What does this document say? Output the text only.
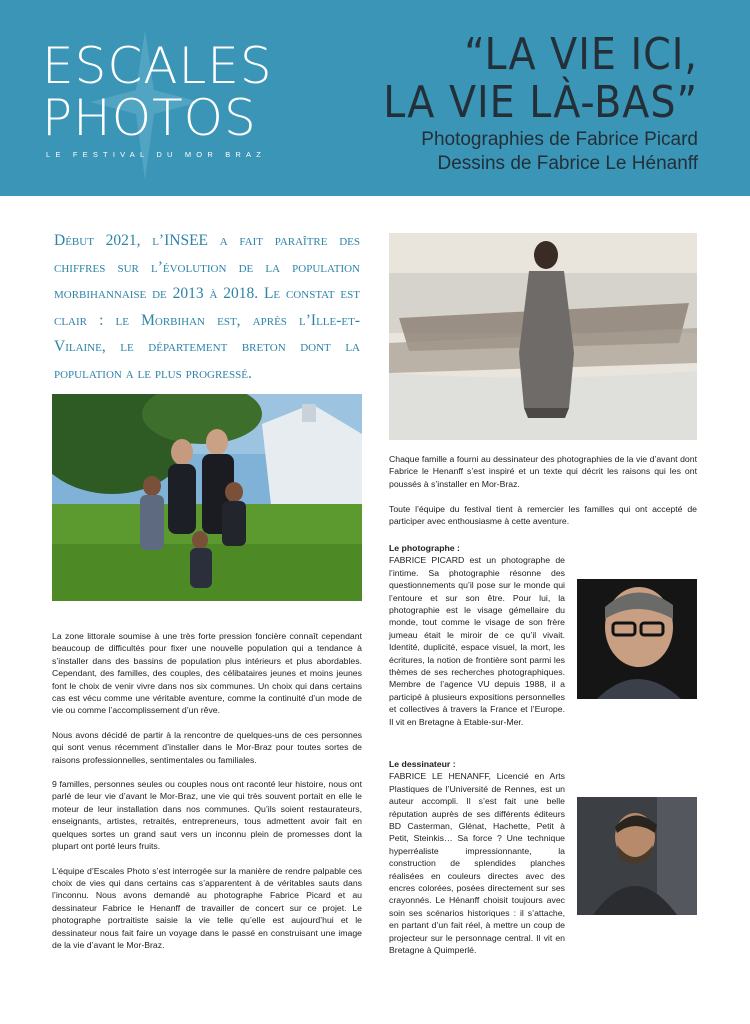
ESCALES
PHOTOS
LE FESTIVAL DU MOR BRAZ
“LA VIE ICI,
LA VIE LÀ-BAS”
Photographies de Fabrice Picard
Dessins de Fabrice Le Hénanff
Début 2021, l’INSEE a fait paraître des chiffres sur l’évolution de la population morbihannaise de 2013 à 2018. Le constat est clair : le Morbihan est, après l’Ille-et-Vilaine, le département breton dont la population a le plus progressé.

La zone littorale soumise à une très forte pression foncière connaît cependant beaucoup de difficultés pour fixer une nouvelle population qui a tendance à s’installer dans des bassins de population plus intérieurs et plus abordables. Cependant, des familles, des couples, des célibataires jeunes et moins jeunes font le choix de venir vivre dans nos six communes. Un choix qui dans certains cas est vécu comme une véritable aventure, comme la continuité d’un mode de vie ou comme l’accomplissement d’un rêve.

Nous avons décidé de partir à la rencontre de quelques-uns de ces personnes qui sont venus récemment d’installer dans le Mor-Braz pour toutes sortes de raisons professionnelles, sentimentales ou familiales.

9 familles, personnes seules ou couples nous ont raconté leur histoire, nous ont parlé de leur vie d’avant le Mor-Braz, une vie qui très souvent portait en elle le moteur de leur installation dans nos communes. Qu’ils soient restaurateurs, enseignants, artistes, retraités, entrepreneurs, tous admettent avoir fait en quelques sortes un grand saut vers un inconnu plein de promesses dont la plupart ont porté leurs fruits.

L’équipe d’Escales Photo s’est interrogée sur la manière de rendre palpable ces choix de vies qui dans certains cas s’apparentent à de véritables sauts dans l’inconnu. Nous avons demandé au photographe Fabrice Picard et au dessinateur Fabrice le Henanff de travailler de concert sur ce projet. Le photographe portraitiste saisie la vie telle qu’elle est aujourd’hui et le dessinateur nous fait faire un voyage dans le passé en construisant une image de la vie d’avant le Mor-Braz.

Chaque famille a fourni au dessinateur des photographies de la vie d’avant dont Fabrice le Henanff s’est inspiré et un texte qui décrit les raisons qui les ont poussés à s’installer en Mor-Braz.
Toute l’équipe du festival tient à remercier les familles qui ont accepté de participer avec enthousiasme à cette aventure.
Le photographe :
FABRICE PICARD est un photographe de l’intime. Sa photographie résonne des questionnements qu’il pose sur le monde qui l’entoure et sur son être. Pour lui, la photographie est le visage gémellaire du monde, tout comme le visage de son frère jumeau était le miroir de ce qu’il vivait. Identité, duplicité, espace visuel, la mort, les écritures, la notion de frontière sont parmi les thèmes de ses recherches photographiques. Membre de l’agence VU depuis 1988, il a participé à plusieurs expositions personnelles et collectives à travers la France et l’Europe. Il vit en Bretagne à Etable-sur-Mer.
Le dessinateur :
FABRICE LE HENANFF, Licencié en Arts Plastiques de l’Université de Rennes, est un auteur accompli. Il s’est fait une belle réputation auprès de ses différents éditeurs BD Casterman, Glénat, Hachette, Petit à Petit, Steinkis… Sa force ? Une technique hyperréaliste impressionnante, la construction de splendides planches réalisées en couleurs directes avec des encres colorées, posées directement sur ses crayonnés. Le Hénanff choisit toujours avec soin ses scénarios historiques : il s’attache, en partant d’un fait réel, à mettre un coup de projecteur sur le personnage central. Il vit en Bretagne à Quimperlé.
